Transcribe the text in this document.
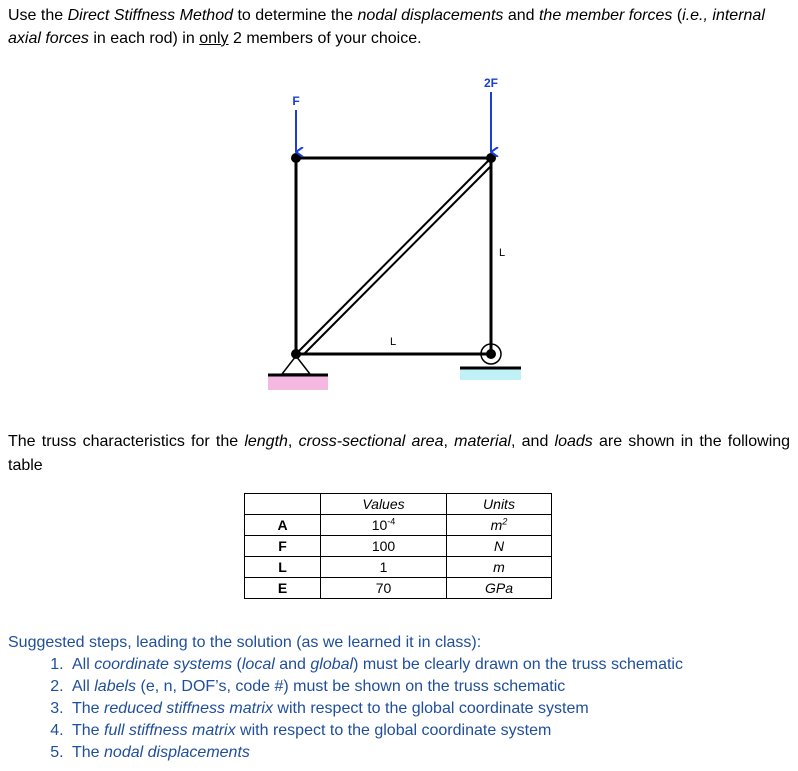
Use the Direct Stiffness Method to determine the nodal displacements and the member forces (i.e., internal axial forces in each rod) in only 2 members of your choice.
F
2F
L
L
The truss characteristics for the length, cross-sectional area, material, and loads are shown in the following table
	Values	Units
A	$10^{-4}$	$m^2$
F	100	N
L	1	m
E	70	GPa
Suggested steps, leading to the solution (as we learned it in class):
1. All coordinate systems (local and global) must be clearly drawn on the truss schematic
2. All labels (e, n, DOF’s, code #) must be shown on the truss schematic
3. The reduced stiffness matrix with respect to the global coordinate system
4. The full stiffness matrix with respect to the global coordinate system
5. The nodal displacements
